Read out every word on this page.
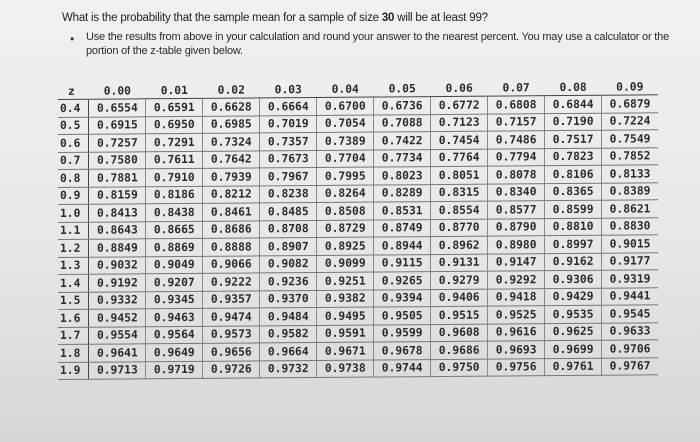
What is the probability that the sample mean for a sample of size 30 will be at least 99?
• Use the results from above in your calculation and round your answer to the nearest percent. You may use a calculator or the portion of the z-table given below.
z	0.00	0.01	0.02	0.03	0.04	0.05	0.06	0.07	0.08	0.09
0.4	0.6554	0.6591	0.6628	0.6664	0.6700	0.6736	0.6772	0.6808	0.6844	0.6879
0.5	0.6915	0.6950	0.6985	0.7019	0.7054	0.7088	0.7123	0.7157	0.7190	0.7224
0.6	0.7257	0.7291	0.7324	0.7357	0.7389	0.7422	0.7454	0.7486	0.7517	0.7549
0.7	0.7580	0.7611	0.7642	0.7673	0.7704	0.7734	0.7764	0.7794	0.7823	0.7852
0.8	0.7881	0.7910	0.7939	0.7967	0.7995	0.8023	0.8051	0.8078	0.8106	0.8133
0.9	0.8159	0.8186	0.8212	0.8238	0.8264	0.8289	0.8315	0.8340	0.8365	0.8389
1.0	0.8413	0.8438	0.8461	0.8485	0.8508	0.8531	0.8554	0.8577	0.8599	0.8621
1.1	0.8643	0.8665	0.8686	0.8708	0.8729	0.8749	0.8770	0.8790	0.8810	0.8830
1.2	0.8849	0.8869	0.8888	0.8907	0.8925	0.8944	0.8962	0.8980	0.8997	0.9015
1.3	0.9032	0.9049	0.9066	0.9082	0.9099	0.9115	0.9131	0.9147	0.9162	0.9177
1.4	0.9192	0.9207	0.9222	0.9236	0.9251	0.9265	0.9279	0.9292	0.9306	0.9319
1.5	0.9332	0.9345	0.9357	0.9370	0.9382	0.9394	0.9406	0.9418	0.9429	0.9441
1.6	0.9452	0.9463	0.9474	0.9484	0.9495	0.9505	0.9515	0.9525	0.9535	0.9545
1.7	0.9554	0.9564	0.9573	0.9582	0.9591	0.9599	0.9608	0.9616	0.9625	0.9633
1.8	0.9641	0.9649	0.9656	0.9664	0.9671	0.9678	0.9686	0.9693	0.9699	0.9706
1.9	0.9713	0.9719	0.9726	0.9732	0.9738	0.9744	0.9750	0.9756	0.9761	0.9767
